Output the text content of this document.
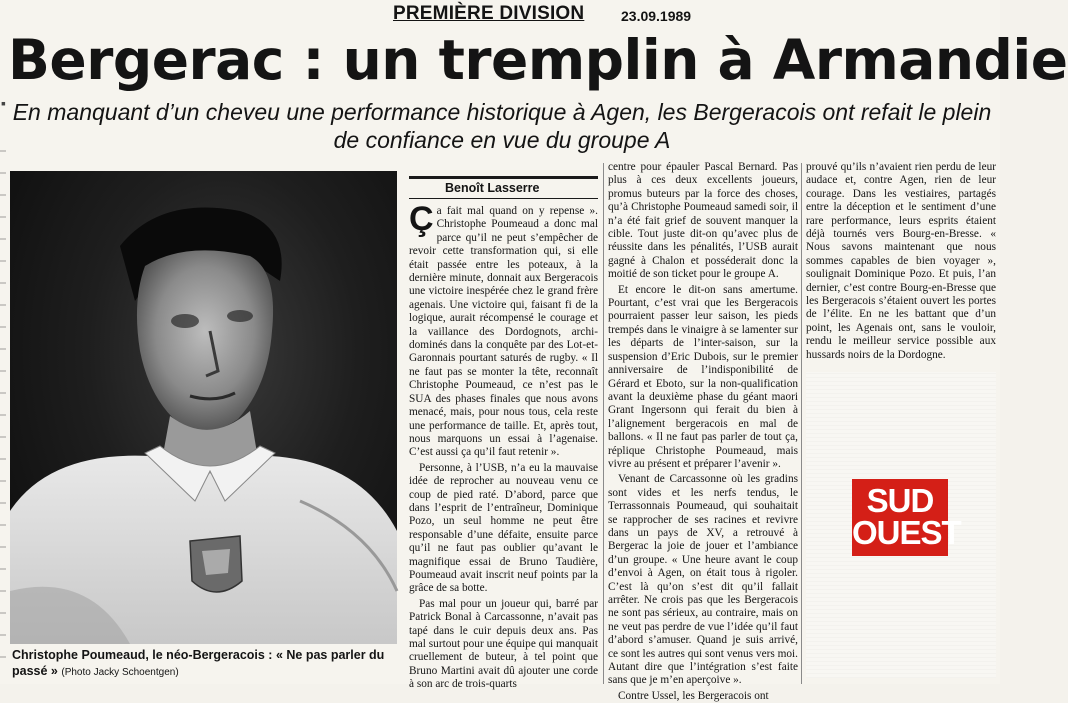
PREMIÈRE DIVISION	23.09.1989
Bergerac : un tremplin à Armandie
▪ En manquant d’un cheveu une performance historique à Agen, les Bergeracois ont refait le plein
de confiance en vue du groupe A
Christophe Poumeaud, le néo-Bergeracois : « Ne pas parler du passé » (Photo Jacky Schoentgen)
Benoît Lasserre

Ça fait mal quand on y repense ». Christophe Poumeaud a donc mal parce qu’il ne peut s’empêcher de revoir cette transformation qui, si elle était passée entre les poteaux, à la dernière minute, donnait aux Bergeracois une victoire inespérée chez le grand frère agenais. Une victoire qui, faisant fi de la logique, aurait récompensé le courage et la vaillance des Dordognots, archi-dominés dans la conquête par des Lot-et-Garonnais pourtant saturés de rugby. « Il ne faut pas se monter la tête, reconnaît Christophe Poumeaud, ce n’est pas le SUA des phases finales que nous avons menacé, mais, pour nous tous, cela reste une performance de taille. Et, après tout, nous marquons un essai à l’agenaise. C’est aussi ça qu’il faut retenir ».

Personne, à l’USB, n’a eu la mauvaise idée de reprocher au nouveau venu ce coup de pied raté. D’abord, parce que dans l’esprit de l’entraîneur, Dominique Pozo, un seul homme ne peut être responsable d’une défaite, ensuite parce qu’il ne faut pas oublier qu’avant le magnifique essai de Bruno Taudière, Poumeaud avait inscrit neuf points par la grâce de sa botte.

Pas mal pour un joueur qui, barré par Patrick Bonal à Carcassonne, n’avait pas tapé dans le cuir depuis deux ans. Pas mal surtout pour une équipe qui manquait cruellement de buteur, à tel point que Bruno Martini avait dû ajouter une corde à son arc de trois-quarts

centre pour épauler Pascal Bernard. Pas plus à ces deux excellents joueurs, promus buteurs par la force des choses, qu’à Christophe Poumeaud samedi soir, il n’a été fait grief de souvent manquer la cible. Tout juste dit-on qu’avec plus de réussite dans les pénalités, l’USB aurait gagné à Chalon et posséderait donc la moitié de son ticket pour le groupe A.

Et encore le dit-on sans amertume. Pourtant, c’est vrai que les Bergeracois pourraient passer leur saison, les pieds trempés dans le vinaigre à se lamenter sur les départs de l’inter-saison, sur la suspension d’Eric Dubois, sur le premier anniversaire de l’indisponibilité de Gérard et Eboto, sur la non-qualification avant la deuxième phase du géant maori Grant Ingersonn qui ferait du bien à l’alignement bergeracois en mal de ballons. « Il ne faut pas parler de tout ça, réplique Christophe Poumeaud, mais vivre au présent et préparer l’avenir ».

Venant de Carcassonne où les gradins sont vides et les nerfs tendus, le Terrassonnais Poumeaud, qui souhaitait se rapprocher de ses racines et revivre dans un pays de XV, a retrouvé à Bergerac la joie de jouer et l’ambiance d’un groupe. « Une heure avant le coup d’envoi à Agen, on était tous à rigoler. C’est là qu’on s’est dit qu’il fallait arrêter. Ne crois pas que les Bergeracois ne sont pas sérieux, au contraire, mais on ne veut pas perdre de vue l’idée qu’il faut d’abord s’amuser. Quand je suis arrivé, ce sont les autres qui sont venus vers moi. Autant dire que l’intégration s’est faite sans que je m’en aperçoive ».

Contre Ussel, les Bergeracois ont

prouvé qu’ils n’avaient rien perdu de leur audace et, contre Agen, rien de leur courage. Dans les vestiaires, partagés entre la déception et le sentiment d’une rare performance, leurs esprits étaient déjà tournés vers Bourg-en-Bresse. « Nous savons maintenant que nous sommes capables de bien voyager », soulignait Dominique Pozo. Et puis, l’an dernier, c’est contre Bourg-en-Bresse que les Bergeracois s’étaient ouvert les portes de l’élite. En ne les battant que d’un point, les Agenais ont, sans le vouloir, rendu le meilleur service possible aux hussards noirs de la Dordogne.

SUD
OUEST
